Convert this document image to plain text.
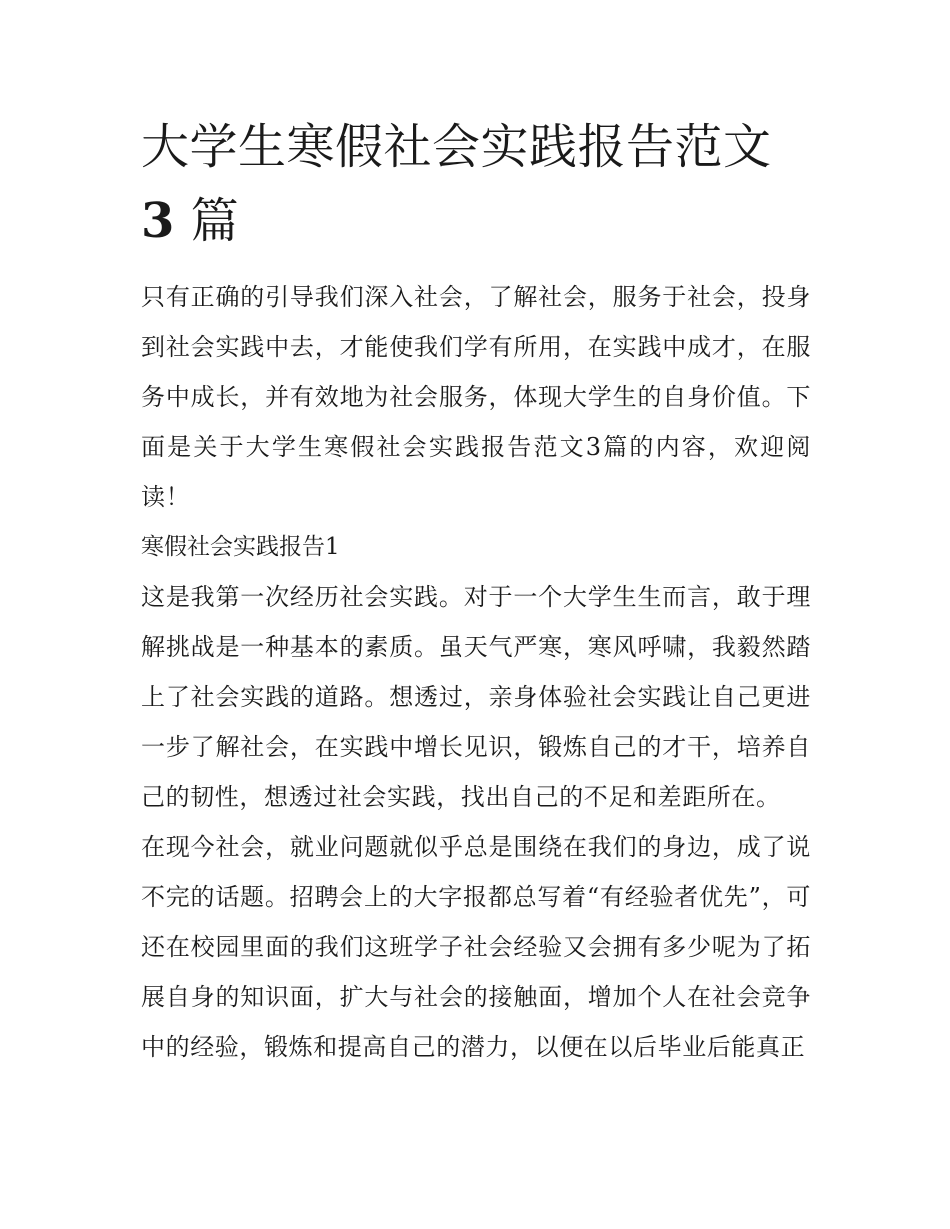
大学生寒假社会实践报告范文
3 篇

只有正确的引导我们深入社会，了解社会，服务于社会，投身到社会实践中去，才能使我们学有所用，在实践中成才，在服务中成长，并有效地为社会服务，体现大学生的自身价值。下面是关于大学生寒假社会实践报告范文3篇的内容，欢迎阅读！

寒假社会实践报告1

这是我第一次经历社会实践。对于一个大学生生而言，敢于理解挑战是一种基本的素质。虽天气严寒，寒风呼啸，我毅然踏上了社会实践的道路。想透过，亲身体验社会实践让自己更进一步了解社会，在实践中增长见识，锻炼自己的才干，培养自己的韧性，想透过社会实践，找出自己的不足和差距所在。

在现今社会，就业问题就似乎总是围绕在我们的身边，成了说不完的话题。招聘会上的大字报都总写着“有经验者优先”，可还在校园里面的我们这班学子社会经验又会拥有多少呢为了拓展自身的知识面，扩大与社会的接触面，增加个人在社会竞争中的经验，锻炼和提高自己的潜力，以便在以后毕业后能真正
